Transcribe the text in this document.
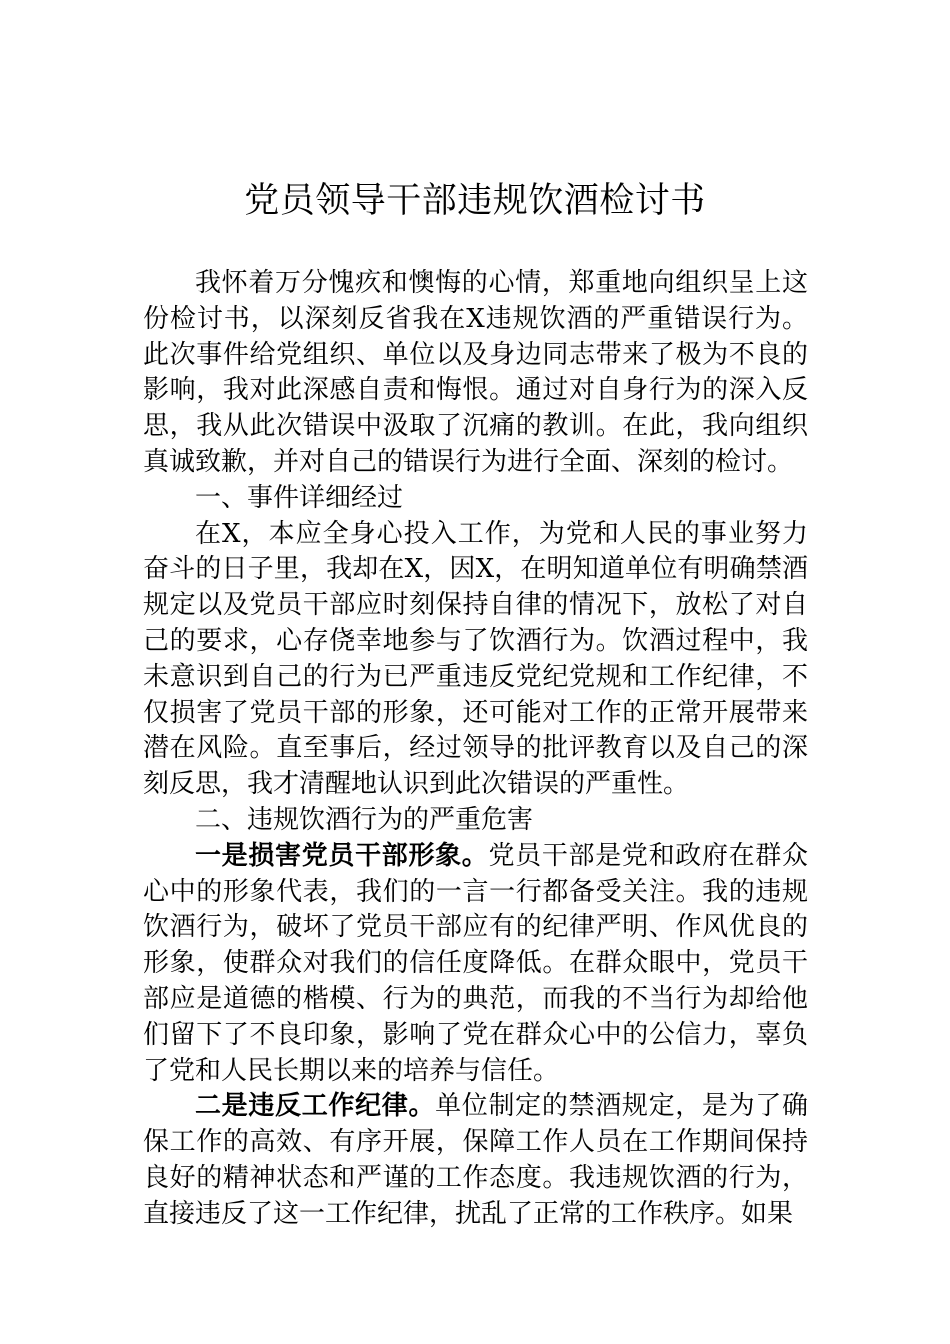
党员领导干部违规饮酒检讨书

我怀着万分愧疚和懊悔的心情，郑重地向组织呈上这份检讨书，以深刻反省我在X违规饮酒的严重错误行为。此次事件给党组织、单位以及身边同志带来了极为不良的影响，我对此深感自责和悔恨。通过对自身行为的深入反思，我从此次错误中汲取了沉痛的教训。在此，我向组织真诚致歉，并对自己的错误行为进行全面、深刻的检讨。

一、事件详细经过

在X，本应全身心投入工作，为党和人民的事业努力奋斗的日子里，我却在X，因X，在明知道单位有明确禁酒规定以及党员干部应时刻保持自律的情况下，放松了对自己的要求，心存侥幸地参与了饮酒行为。饮酒过程中，我未意识到自己的行为已严重违反党纪党规和工作纪律，不仅损害了党员干部的形象，还可能对工作的正常开展带来潜在风险。直至事后，经过领导的批评教育以及自己的深刻反思，我才清醒地认识到此次错误的严重性。

二、违规饮酒行为的严重危害

一是损害党员干部形象。党员干部是党和政府在群众心中的形象代表，我们的一言一行都备受关注。我的违规饮酒行为，破坏了党员干部应有的纪律严明、作风优良的形象，使群众对我们的信任度降低。在群众眼中，党员干部应是道德的楷模、行为的典范，而我的不当行为却给他们留下了不良印象，影响了党在群众心中的公信力，辜负了党和人民长期以来的培养与信任。

二是违反工作纪律。单位制定的禁酒规定，是为了确保工作的高效、有序开展，保障工作人员在工作期间保持良好的精神状态和严谨的工作态度。我违规饮酒的行为，直接违反了这一工作纪律，扰乱了正常的工作秩序。如果
